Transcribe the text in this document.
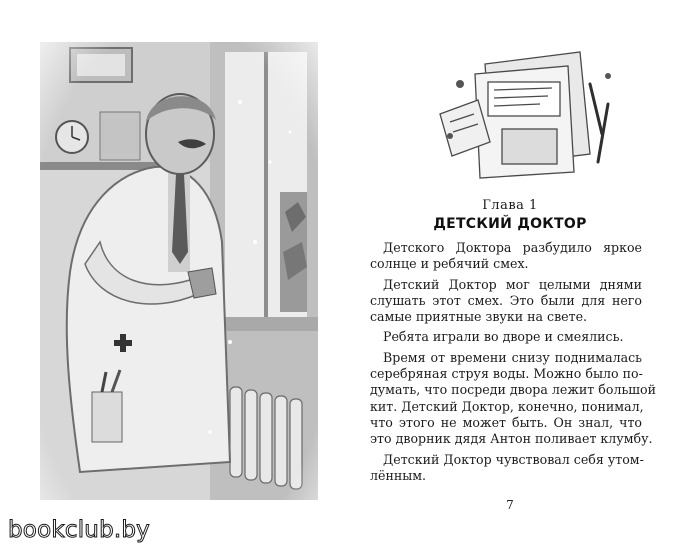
Глава 1
ДЕТСКИЙ ДОКТОР
Детского Доктора разбудило яркое
солнце и ребячий смех.
Детский Доктор мог целыми днями
слушать этот смех. Это были для него
самые приятные звуки на свете.
Ребята играли во дворе и смеялись.
Время от времени снизу поднималась
серебряная струя воды. Можно было по-
думать, что посреди двора лежит большой
кит. Детский Доктор, конечно, понимал,
что этого не может быть. Он знал, что
это дворник дядя Антон поливает клумбу.
Детский Доктор чувствовал себя утом-
лённым.
7
bookclub.by
